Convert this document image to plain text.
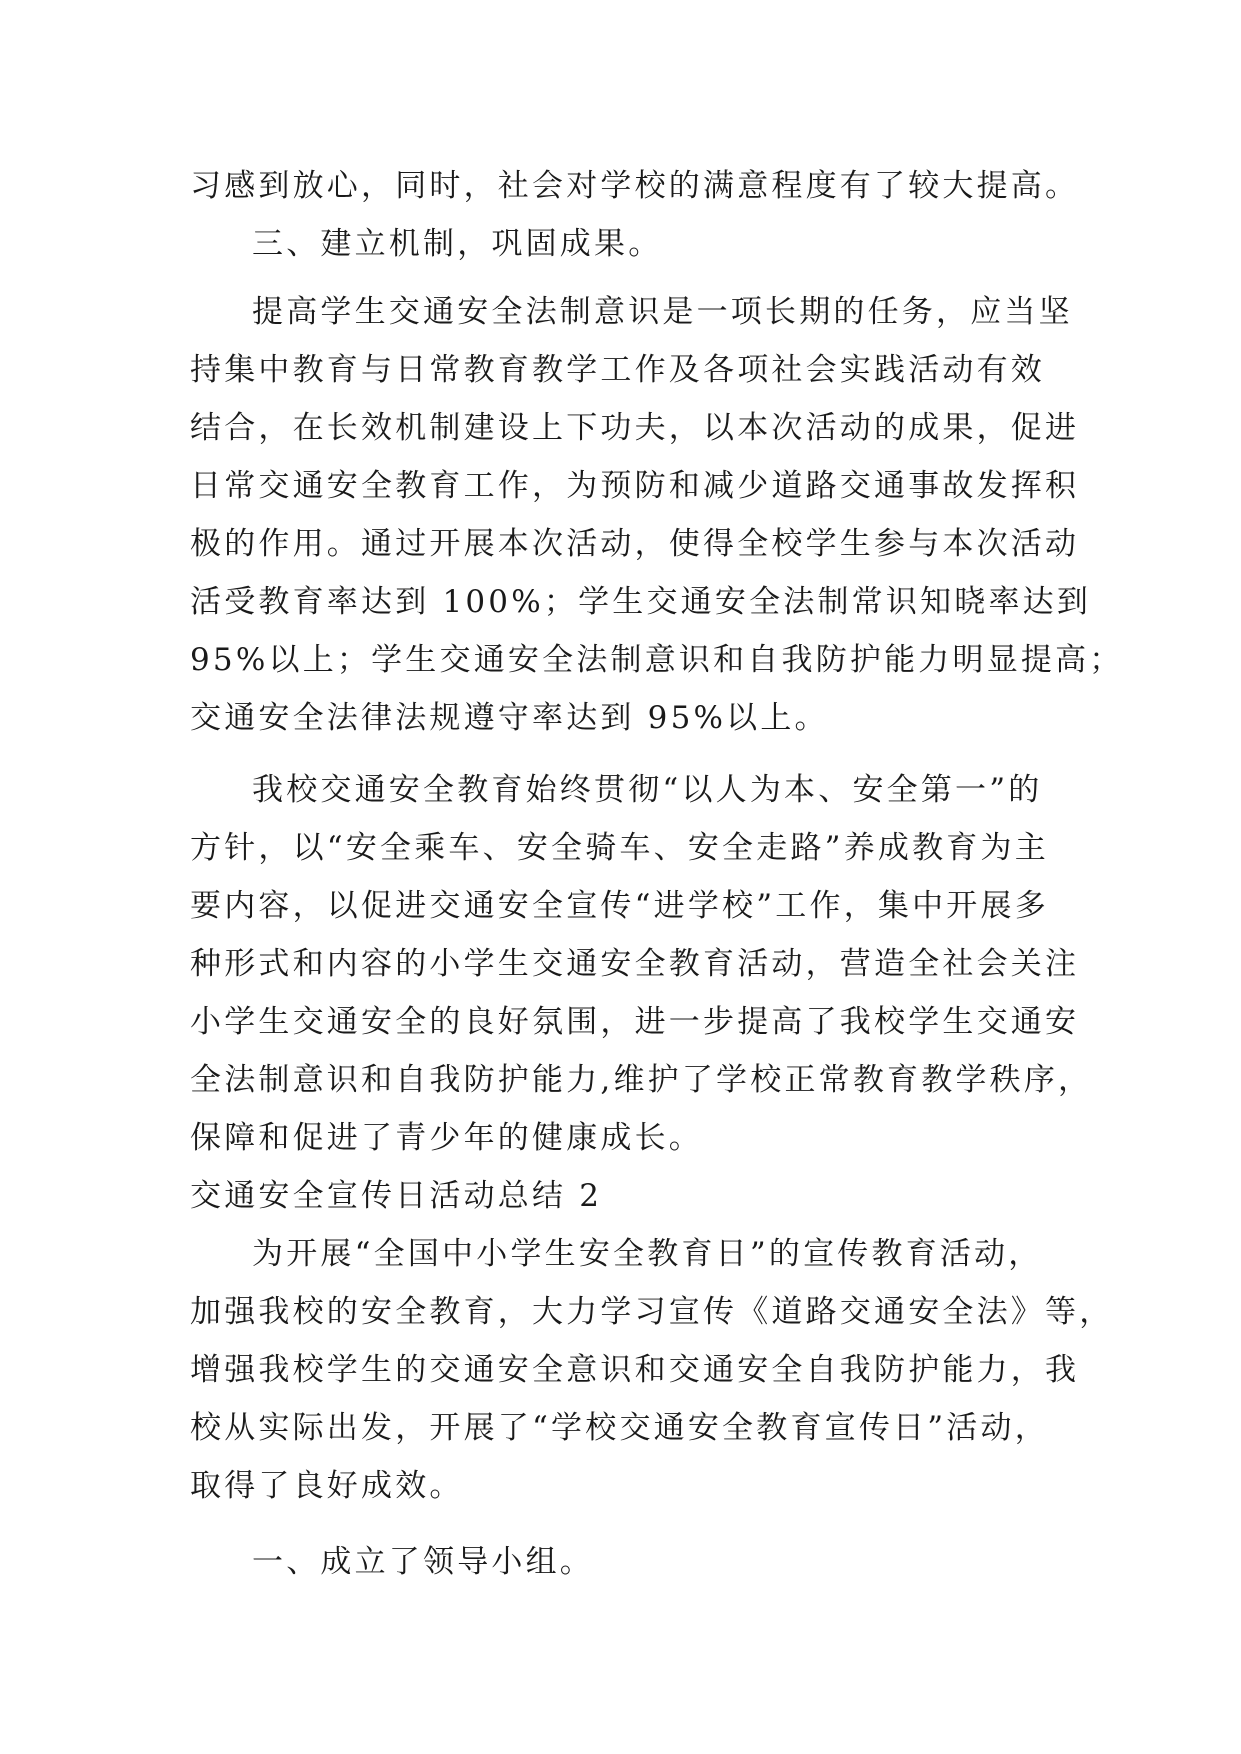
习感到放心，同时，社会对学校的满意程度有了较大提高。
三、建立机制，巩固成果。
提高学生交通安全法制意识是一项长期的任务，应当坚
持集中教育与日常教育教学工作及各项社会实践活动有效
结合，在长效机制建设上下功夫，以本次活动的成果，促进
日常交通安全教育工作，为预防和减少道路交通事故发挥积
极的作用。通过开展本次活动，使得全校学生参与本次活动
活受教育率达到 100%；学生交通安全法制常识知晓率达到
95%以上；学生交通安全法制意识和自我防护能力明显提高；
交通安全法律法规遵守率达到 95%以上。
我校交通安全教育始终贯彻“以人为本、安全第一”的
方针，以“安全乘车、安全骑车、安全走路”养成教育为主
要内容，以促进交通安全宣传“进学校”工作，集中开展多
种形式和内容的小学生交通安全教育活动，营造全社会关注
小学生交通安全的良好氛围，进一步提高了我校学生交通安
全法制意识和自我防护能力,维护了学校正常教育教学秩序，
保障和促进了青少年的健康成长。
交通安全宣传日活动总结 2
为开展“全国中小学生安全教育日”的宣传教育活动，
加强我校的安全教育，大力学习宣传《道路交通安全法》等，
增强我校学生的交通安全意识和交通安全自我防护能力，我
校从实际出发，开展了“学校交通安全教育宣传日”活动，
取得了良好成效。
一、成立了领导小组。
